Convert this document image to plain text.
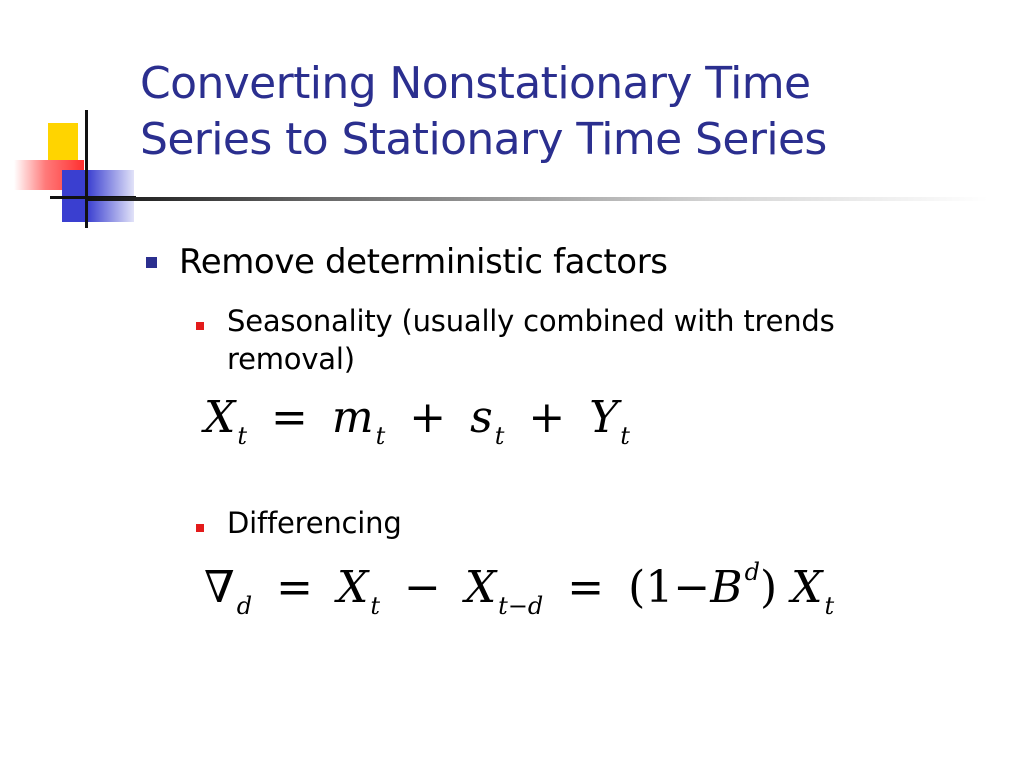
Converting Nonstationary Time
Series to Stationary Time Series
Remove deterministic factors
Seasonality (usually combined with trends
removal)
$X_t = m_t + s_t + Y_t$
Differencing
$\nabla_d = X_t - X_{t-d} = (1-B^d)$ $X_t$
